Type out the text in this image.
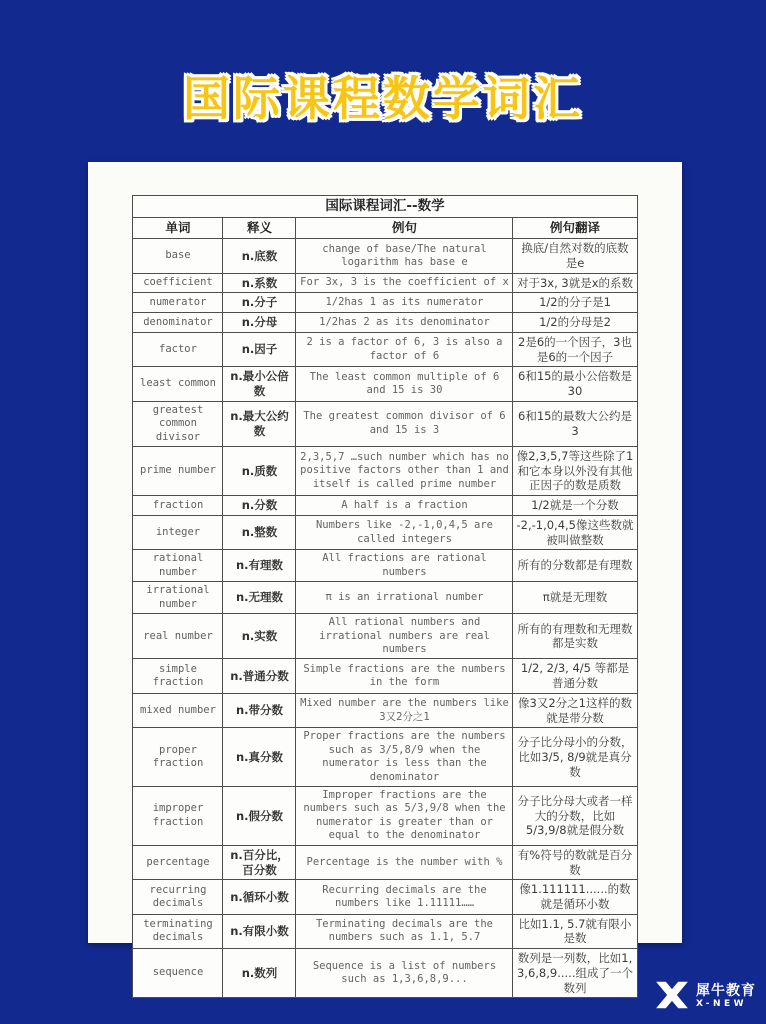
国际课程数学词汇
国际课程词汇--数学			
单词	释义	例句	例句翻译
base	n.底数	change of base/The natural logarithm has base e	换底/自然对数的底数是e
coefficient	n.系数	For 3x, 3 is the coefficient of x	对于3x, 3就是x的系数
numerator	n.分子	1/2has 1 as its numerator	1/2的分子是1
denominator	n.分母	1/2has 2 as its denominator	1/2的分母是2
factor	n.因子	2 is a factor of 6, 3 is also a factor of 6	2是6的一个因子，3也是6的一个因子
least common	n.最小公倍数	The least common multiple of 6 and 15 is 30	6和15的最小公倍数是30
greatest common divisor	n.最大公约数	The greatest common divisor of 6 and 15 is 3	6和15的最数大公约是3
prime number	n.质数	2,3,5,7 …such number which has no positive factors other than 1 and itself is called prime number	像2,3,5,7等这些除了1和它本身以外没有其他正因子的数是质数
fraction	n.分数	A half is a fraction	1/2就是一个分数
integer	n.整数	Numbers like -2,-1,0,4,5 are called integers	-2,-1,0,4,5像这些数就被叫做整数
rational number	n.有理数	All fractions are rational numbers	所有的分数都是有理数
irrational number	n.无理数	π is an irrational number	π就是无理数
real number	n.实数	All rational numbers and irrational numbers are real numbers	所有的有理数和无理数都是实数
simple fraction	n.普通分数	Simple fractions are the numbers in the form	1/2, 2/3, 4/5 等都是普通分数
mixed number	n.带分数	Mixed number are the numbers like 3又2分之1	像3又2分之1这样的数就是带分数
proper fraction	n.真分数	Proper fractions are the numbers such as 3/5,8/9 when the numerator is less than the denominator	分子比分母小的分数，比如3/5, 8/9就是真分数
improper fraction	n.假分数	Improper fractions are the numbers such as 5/3,9/8 when the numerator is greater than or equal to the denominator	分子比分母大或者一样大的分数，比如5/3,9/8就是假分数
percentage	n.百分比，百分数	Percentage is the number with %	有%符号的数就是百分数
recurring decimals	n.循环小数	Recurring decimals are the numbers like 1.11111……	像1.111111......的数就是循环小数
terminating decimals	n.有限小数	Terminating decimals are the numbers such as 1.1, 5.7	比如1.1, 5.7就有限小是数
sequence	n.数列	Sequence is a list of numbers such as 1,3,6,8,9...	数列是一列数，比如1, 3,6,8,9.....组成了一个数列	犀牛教育
X-NEW
